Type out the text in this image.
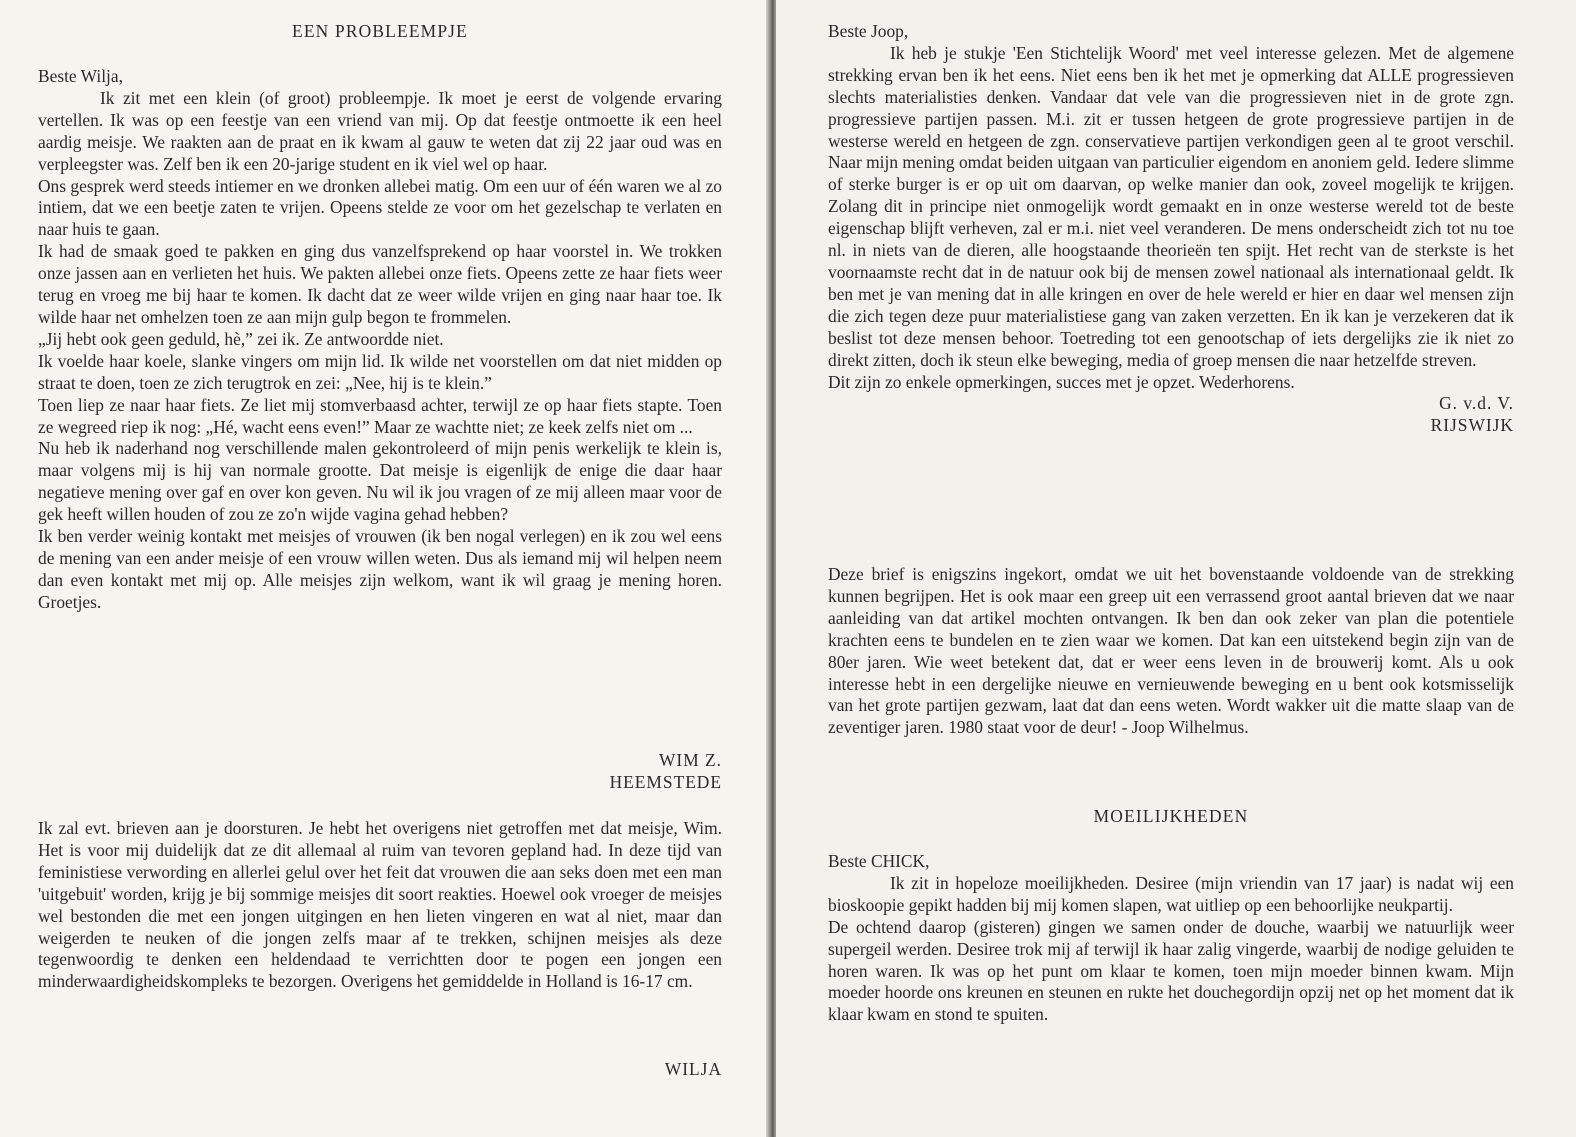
EEN PROBLEEMPJE

Beste Wilja,

Ik zit met een klein (of groot) probleempje. Ik moet je eerst de volgende ervaring vertellen. Ik was op een feestje van een vriend van mij. Op dat feestje ontmoette ik een heel aardig meisje. We raakten aan de praat en ik kwam al gauw te weten dat zij 22 jaar oud was en verpleegster was. Zelf ben ik een 20-jarige student en ik viel wel op haar.

Ons gesprek werd steeds intiemer en we dronken allebei matig. Om een uur of één waren we al zo intiem, dat we een beetje zaten te vrijen. Opeens stelde ze voor om het gezelschap te verlaten en naar huis te gaan.

Ik had de smaak goed te pakken en ging dus vanzelfsprekend op haar voorstel in. We trokken onze jassen aan en verlieten het huis. We pakten allebei onze fiets. Opeens zette ze haar fiets weer terug en vroeg me bij haar te komen. Ik dacht dat ze weer wilde vrijen en ging naar haar toe. Ik wilde haar net omhelzen toen ze aan mijn gulp begon te frommelen.

„Jij hebt ook geen geduld, hè,” zei ik. Ze antwoordde niet.

Ik voelde haar koele, slanke vingers om mijn lid. Ik wilde net voorstellen om dat niet midden op straat te doen, toen ze zich terugtrok en zei: „Nee, hij is te klein.”

Toen liep ze naar haar fiets. Ze liet mij stomverbaasd achter, terwijl ze op haar fiets stapte. Toen ze wegreed riep ik nog: „Hé, wacht eens even!” Maar ze wachtte niet; ze keek zelfs niet om ...

Nu heb ik naderhand nog verschillende malen gekontroleerd of mijn penis werkelijk te klein is, maar volgens mij is hij van normale grootte. Dat meisje is eigenlijk de enige die daar haar negatieve mening over gaf en over kon geven. Nu wil ik jou vragen of ze mij alleen maar voor de gek heeft willen houden of zou ze zo'n wijde vagina gehad hebben?

Ik ben verder weinig kontakt met meisjes of vrouwen (ik ben nogal verlegen) en ik zou wel eens de mening van een ander meisje of een vrouw willen weten. Dus als iemand mij wil helpen neem dan even kontakt met mij op. Alle meisjes zijn welkom, want ik wil graag je mening horen. Groetjes.

WIM Z.

HEEMSTEDE

Ik zal evt. brieven aan je doorsturen. Je hebt het overigens niet getroffen met dat meisje, Wim. Het is voor mij duidelijk dat ze dit allemaal al ruim van tevoren gepland had. In deze tijd van feministiese verwording en allerlei gelul over het feit dat vrouwen die aan seks doen met een man 'uitgebuit' worden, krijg je bij sommige meisjes dit soort reakties. Hoewel ook vroeger de meisjes wel bestonden die met een jongen uitgingen en hen lieten vingeren en wat al niet, maar dan weigerden te neuken of die jongen zelfs maar af te trekken, schijnen meisjes als deze tegenwoordig te denken een heldendaad te verrichtten door te pogen een jongen een minderwaardigheidskompleks te bezorgen. Overigens het gemiddelde in Holland is 16-17 cm.

WILJA

Beste Joop,

Ik heb je stukje 'Een Stichtelijk Woord' met veel interesse gelezen. Met de algemene strekking ervan ben ik het eens. Niet eens ben ik het met je opmerking dat ALLE progressieven slechts materialisties denken. Vandaar dat vele van die progressieven niet in de grote zgn. progressieve partijen passen. M.i. zit er tussen hetgeen de grote progressieve partijen in de westerse wereld en hetgeen de zgn. conservatieve partijen verkondigen geen al te groot verschil. Naar mijn mening omdat beiden uitgaan van particulier eigendom en anoniem geld. Iedere slimme of sterke burger is er op uit om daarvan, op welke manier dan ook, zoveel mogelijk te krijgen. Zolang dit in principe niet onmogelijk wordt gemaakt en in onze westerse wereld tot de beste eigenschap blijft verheven, zal er m.i. niet veel veranderen. De mens onderscheidt zich tot nu toe nl. in niets van de dieren, alle hoogstaande theorieën ten spijt. Het recht van de sterkste is het voornaamste recht dat in de natuur ook bij de mensen zowel nationaal als internationaal geldt. Ik ben met je van mening dat in alle kringen en over de hele wereld er hier en daar wel mensen zijn die zich tegen deze puur materialistiese gang van zaken verzetten. En ik kan je verzekeren dat ik beslist tot deze mensen behoor. Toetreding tot een genootschap of iets dergelijks zie ik niet zo direkt zitten, doch ik steun elke beweging, media of groep mensen die naar hetzelfde streven.

Dit zijn zo enkele opmerkingen, succes met je opzet. Wederhorens.

G. v.d. V.

RIJSWIJK

Deze brief is enigszins ingekort, omdat we uit het bovenstaande voldoende van de strekking kunnen begrijpen. Het is ook maar een greep uit een verrassend groot aantal brieven dat we naar aanleiding van dat artikel mochten ontvangen. Ik ben dan ook zeker van plan die potentiele krachten eens te bundelen en te zien waar we komen. Dat kan een uitstekend begin zijn van de 80er jaren. Wie weet betekent dat, dat er weer eens leven in de brouwerij komt. Als u ook interesse hebt in een dergelijke nieuwe en vernieuwende beweging en u bent ook kotsmisselijk van het grote partijen gezwam, laat dat dan eens weten. Wordt wakker uit die matte slaap van de zeventiger jaren. 1980 staat voor de deur! - Joop Wilhelmus.

MOEILIJKHEDEN

Beste CHICK,

Ik zit in hopeloze moeilijkheden. Desiree (mijn vriendin van 17 jaar) is nadat wij een bioskoopie gepikt hadden bij mij komen slapen, wat uitliep op een behoorlijke neukpartij.

De ochtend daarop (gisteren) gingen we samen onder de douche, waarbij we natuurlijk weer supergeil werden. Desiree trok mij af terwijl ik haar zalig vingerde, waarbij de nodige geluiden te horen waren. Ik was op het punt om klaar te komen, toen mijn moeder binnen kwam. Mijn moeder hoorde ons kreunen en steunen en rukte het douchegordijn opzij net op het moment dat ik klaar kwam en stond te spuiten.
